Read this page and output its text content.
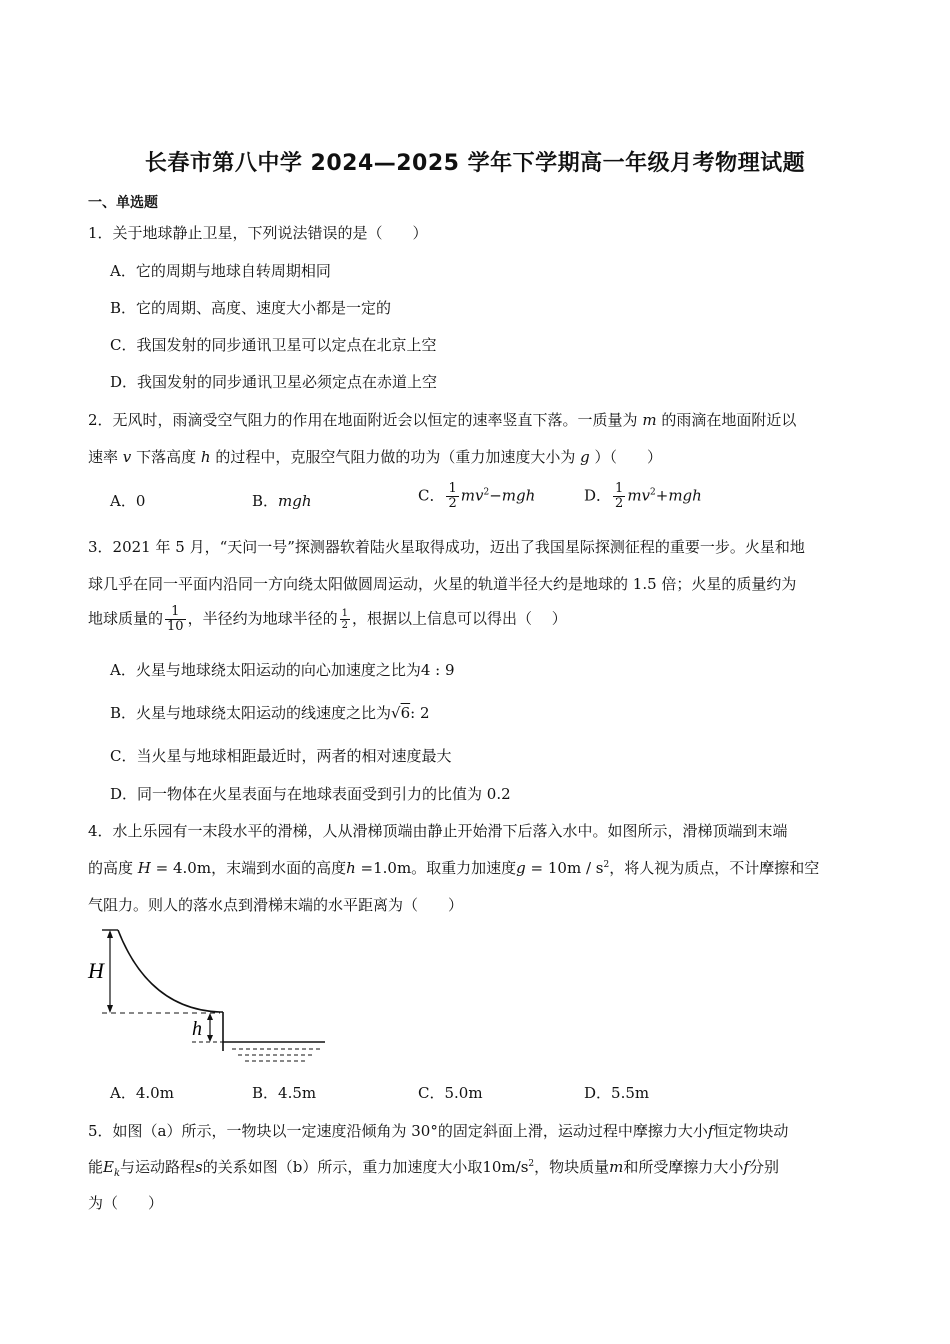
长春市第八中学 2024—2025 学年下学期高一年级月考物理试题
一、单选题
1．关于地球静止卫星，下列说法错误的是（　　）
A．它的周期与地球自转周期相同
B．它的周期、高度、速度大小都是一定的
C．我国发射的同步通讯卫星可以定点在北京上空
D．我国发射的同步通讯卫星必须定点在赤道上空
2．无风时，雨滴受空气阻力的作用在地面附近会以恒定的速率竖直下落。一质量为 m 的雨滴在地面附近以
速率 v 下落高度 h 的过程中，克服空气阻力做的功为（重力加速度大小为 g ）（　　）
A．0	B．mgh	C． $\frac{1}{2} mv^2-mgh$	D． $\frac{1}{2} mv^2+mgh$
3．2021 年 5 月，“天问一号”探测器软着陆火星取得成功，迈出了我国星际探测征程的重要一步。火星和地
球几乎在同一平面内沿同一方向绕太阳做圆周运动，火星的轨道半径大约是地球的 1.5 倍；火星的质量约为
地球质量的 $\frac{1}{10}$ ，半径约为地球半径的 $\frac{1}{2}$ ，根据以上信息可以得出（　 ）
A．火星与地球绕太阳运动的向心加速度之比为4 : 9
B．火星与地球绕太阳运动的线速度之比为√6: 2
C．当火星与地球相距最近时，两者的相对速度最大
D．同一物体在火星表面与在地球表面受到引力的比值为 0.2
4．水上乐园有一末段水平的滑梯，人从滑梯顶端由静止开始滑下后落入水中。如图所示，滑梯顶端到末端
的高度 H = 4.0m，末端到水面的高度h =1.0m。取重力加速度$g = 10m / s^2$，将人视为质点，不计摩擦和空
气阻力。则人的落水点到滑梯末端的水平距离为（　　）
H
h
A．4.0m	B．4.5m	C．5.0m	D．5.5m
5．如图（a）所示，一物块以一定速度沿倾角为 30°的固定斜面上滑，运动过程中摩擦力大小f恒定物块动
能$E_k$与运动路程s的关系如图（b）所示，重力加速度大小取$10m/s^2$，物块质量m和所受摩擦力大小f分别
为（　　）
